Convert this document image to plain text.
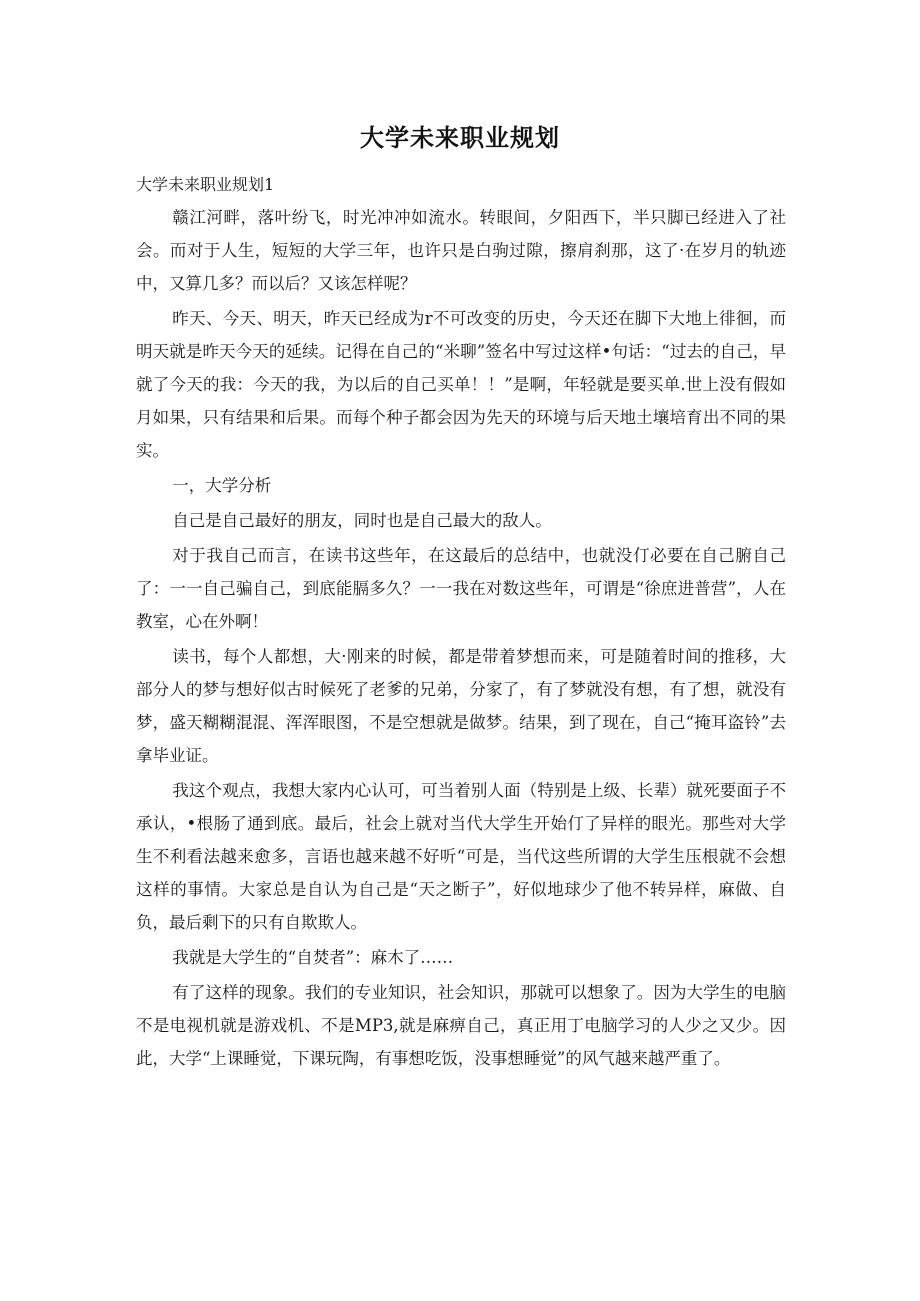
大学未来职业规划

大学未来职业规划1

赣江河畔，落叶纷飞，时光冲冲如流水。转眼间，夕阳西下，半只脚已经进入了社会。而对于人生，短短的大学三年，也许只是白驹过隙，擦肩刹那，这了·在岁月的轨迹中，又算几多？而以后？又该怎样呢？

昨天、今天、明天，昨天已经成为r不可改变的历史，今天还在脚下大地上徘徊，而明天就是昨天今天的延续。记得在自己的“米聊”签名中写过这样•句话：“过去的自己，早就了今天的我：今天的我，为以后的自己买单！！”是啊，年轻就是要买单.世上没有假如月如果，只有结果和后果。而每个种子都会因为先天的环境与后天地土壤培育出不同的果实。

一，大学分析

自己是自己最好的朋友，同时也是自己最大的敌人。

对于我自己而言，在读书这些年，在这最后的总结中，也就没仃必要在自己腑自己了：一一自己骗自己，到底能膈多久？一一我在对数这些年，可谓是“徐庶进普营”，人在教室，心在外啊！

读书，每个人都想，大·刚来的时候，都是带着梦想而来，可是随着时间的推移，大部分人的梦与想好似古时候死了老爹的兄弟，分家了，有了梦就没有想，有了想，就没有梦，盛天糊糊混混、浑浑眼图，不是空想就是做梦。结果，到了现在，自己“掩耳盗铃”去拿毕业证。

我这个观点，我想大家内心认可，可当着别人面（特别是上级、长辈）就死要面子不承认，•根肠了通到底。最后，社会上就对当代大学生开始仃了异样的眼光。那些对大学生不利看法越来愈多，言语也越来越不好听“可是，当代这些所谓的大学生压根就不会想这样的事情。大家总是自认为自己是“天之断子”，好似地球少了他不转异样，麻做、自负，最后剩下的只有自欺欺人。

我就是大学生的“自焚者”：麻木了……

有了这样的现象。我们的专业知识，社会知识，那就可以想象了。因为大学生的电脑不是电视机就是游戏机、不是MP3,就是麻痹自己，真正用丁电脑学习的人少之又少。因此，大学“上课睡觉，下课玩陶，有事想吃饭，没事想睡觉”的风气越来越严重了。
